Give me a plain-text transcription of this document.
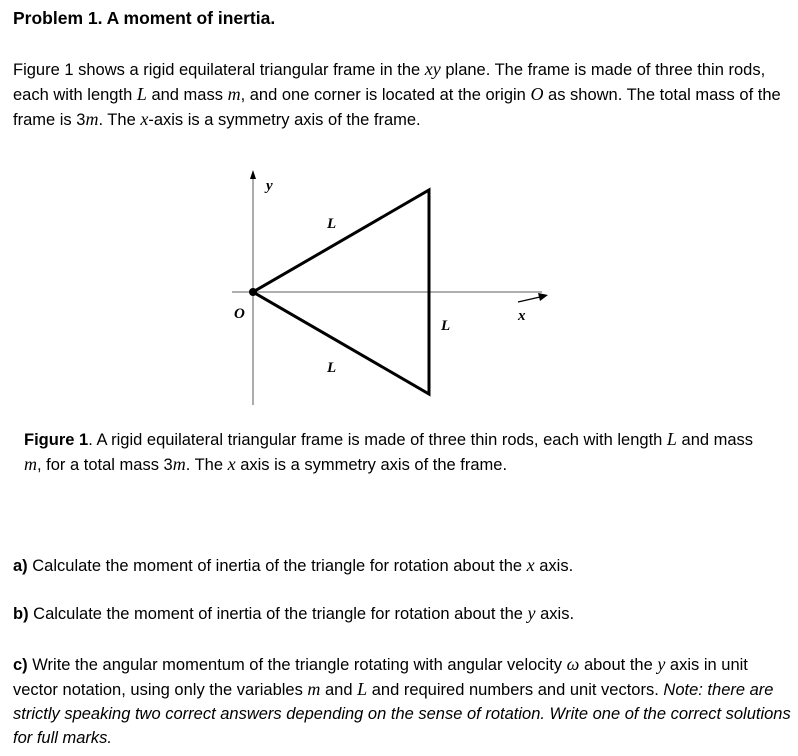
Problem 1. A moment of inertia.
Figure 1 shows a rigid equilateral triangular frame in the xy plane. The frame is made of three thin rods, each with length L and mass m, and one corner is located at the origin O as shown. The total mass of the frame is 3m. The x-axis is a symmetry axis of the frame.
y
x
O
L
L
L
Figure 1. A rigid equilateral triangular frame is made of three thin rods, each with length L and mass m, for a total mass 3m. The x axis is a symmetry axis of the frame.
a) Calculate the moment of inertia of the triangle for rotation about the x axis.
b) Calculate the moment of inertia of the triangle for rotation about the y axis.
c) Write the angular momentum of the triangle rotating with angular velocity ω about the y axis in unit vector notation, using only the variables m and L and required numbers and unit vectors. Note: there are strictly speaking two correct answers depending on the sense of rotation. Write one of the correct solutions for full marks.
